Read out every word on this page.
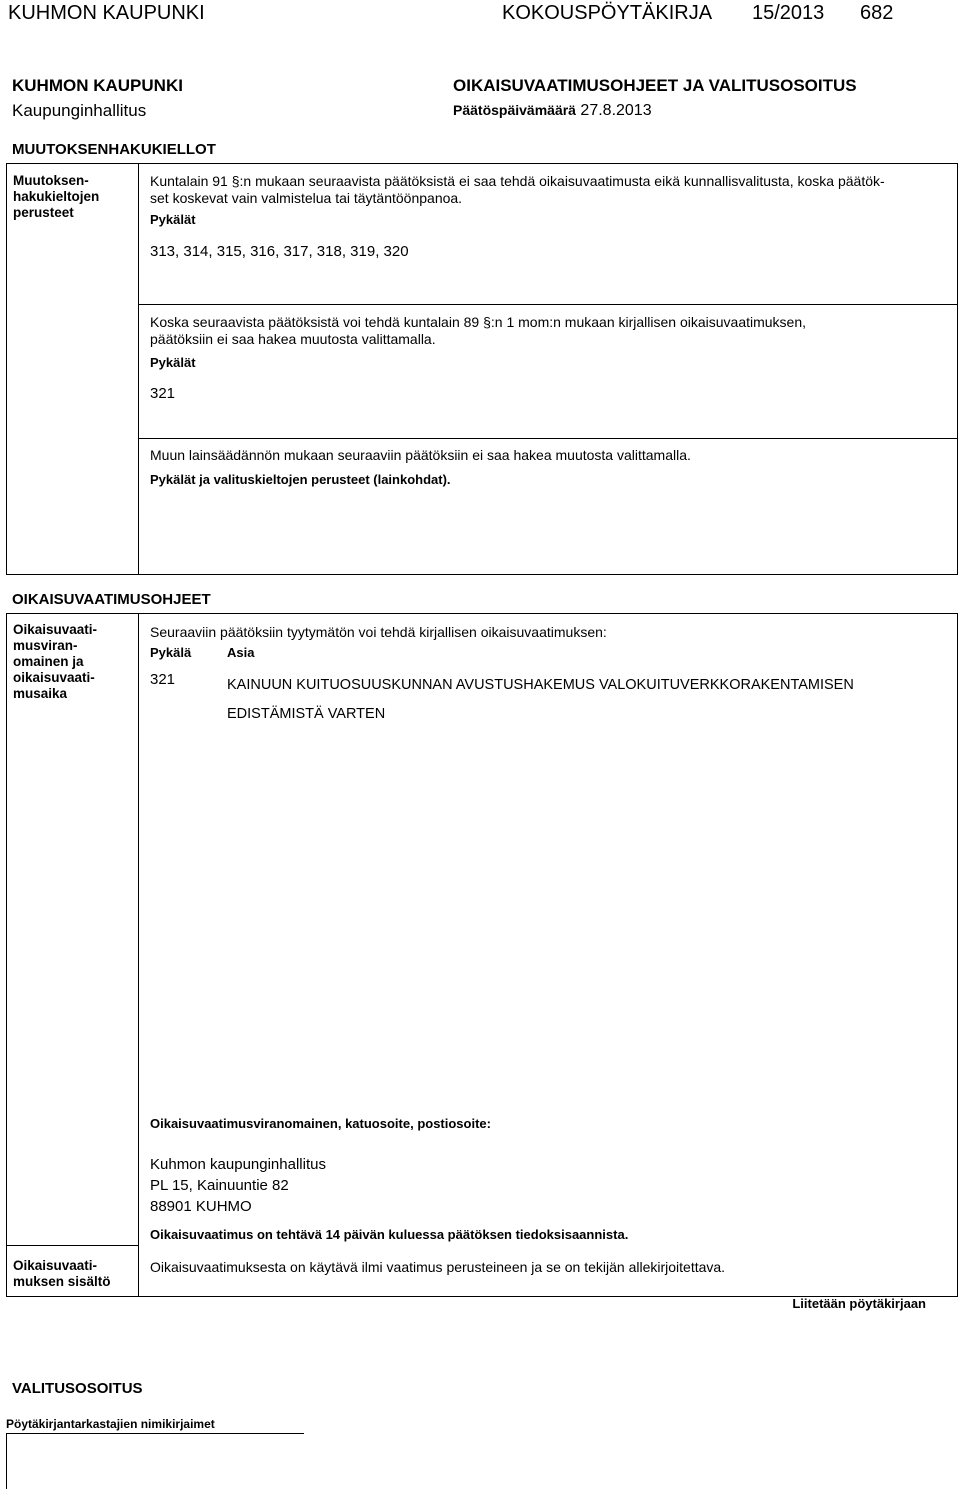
KUHMON KAUPUNKI	KOKOUSPÖYTÄKIRJA 15/2013 682
KUHMON KAUPUNKI
Kaupunginhallitus
OIKAISUVAATIMUSOHJEET JA VALITUSOSOITUS
Päätöspäivämäärä 27.8.2013
MUUTOKSENHAKUKIELLOT
Muutoksen-
hakukieltojen
perusteet
Kuntalain 91 §:n mukaan seuraavista päätöksistä ei saa tehdä oikaisuvaatimusta eikä kunnallisvalitusta, koska päätök-
set koskevat vain valmistelua tai täytäntöönpanoa.
Pykälät
313, 314, 315, 316, 317, 318, 319, 320
Koska seuraavista päätöksistä voi tehdä kuntalain 89 §:n 1 mom:n mukaan kirjallisen oikaisuvaatimuksen,
päätöksiin ei saa hakea muutosta valittamalla.
Pykälät
321
Muun lainsäädännön mukaan seuraaviin päätöksiin ei saa hakea muutosta valittamalla.
Pykälät ja valituskieltojen perusteet (lainkohdat).
OIKAISUVAATIMUSOHJEET
Oikaisuvaati-
musviran-
omainen ja
oikaisuvaati-
musaika
Seuraaviin päätöksiin tyytymätön voi tehdä kirjallisen oikaisuvaatimuksen:
Pykälä	Asia
321	KAINUUN KUITUOSUUSKUNNAN AVUSTUSHAKEMUS VALOKUITUVERKKORAKENTAMISEN
EDISTÄMISTÄ VARTEN
Oikaisuvaatimusviranomainen, katuosoite, postiosoite:
Kuhmon kaupunginhallitus
PL 15, Kainuuntie 82
88901 KUHMO
Oikaisuvaatimus on tehtävä 14 päivän kuluessa päätöksen tiedoksisaannista.
Oikaisuvaati-
muksen sisältö
Oikaisuvaatimuksesta on käytävä ilmi vaatimus perusteineen ja se on tekijän allekirjoitettava.
Liitetään pöytäkirjaan
VALITUSOSOITUS
Pöytäkirjantarkastajien nimikirjaimet
